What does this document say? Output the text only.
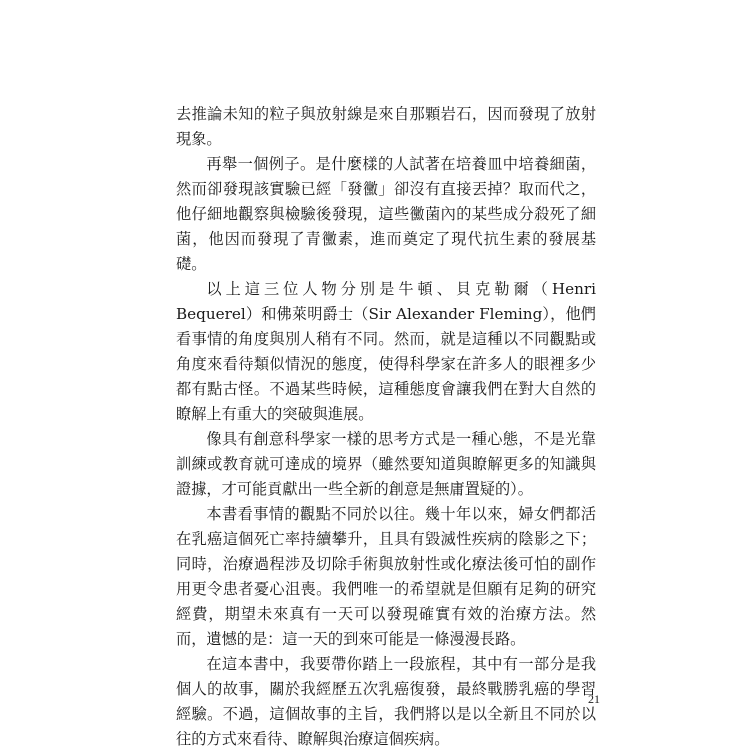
去推論未知的粒子與放射線是來自那顆岩石，因而發現了放射現象。

再舉一個例子。是什麼樣的人試著在培養皿中培養細菌，然而卻發現該實驗已經「發黴」卻沒有直接丟掉？取而代之，他仔細地觀察與檢驗後發現，這些黴菌內的某些成分殺死了細菌，他因而發現了青黴素，進而奠定了現代抗生素的發展基礎。

以上這三位人物分別是牛頓、貝克勒爾（Henri Bequerel）和佛萊明爵士（Sir Alexander Fleming），他們看事情的角度與別人稍有不同。然而，就是這種以不同觀點或角度來看待類似情況的態度，使得科學家在許多人的眼裡多少都有點古怪。不過某些時候，這種態度會讓我們在對大自然的瞭解上有重大的突破與進展。

像具有創意科學家一樣的思考方式是一種心態，不是光靠訓練或教育就可達成的境界（雖然要知道與瞭解更多的知識與證據，才可能貢獻出一些全新的創意是無庸置疑的）。

本書看事情的觀點不同於以往。幾十年以來，婦女們都活在乳癌這個死亡率持續攀升，且具有毀滅性疾病的陰影之下；同時，治療過程涉及切除手術與放射性或化療法後可怕的副作用更令患者憂心沮喪。我們唯一的希望就是但願有足夠的研究經費，期望未來真有一天可以發現確實有效的治療方法。然而，遺憾的是：這一天的到來可能是一條漫漫長路。

在這本書中，我要帶你踏上一段旅程，其中有一部分是我個人的故事，關於我經歷五次乳癌復發，最終戰勝乳癌的學習經驗。不過，這個故事的主旨，我們將以是以全新且不同於以往的方式來看待、瞭解與治療這個疾病。

21
